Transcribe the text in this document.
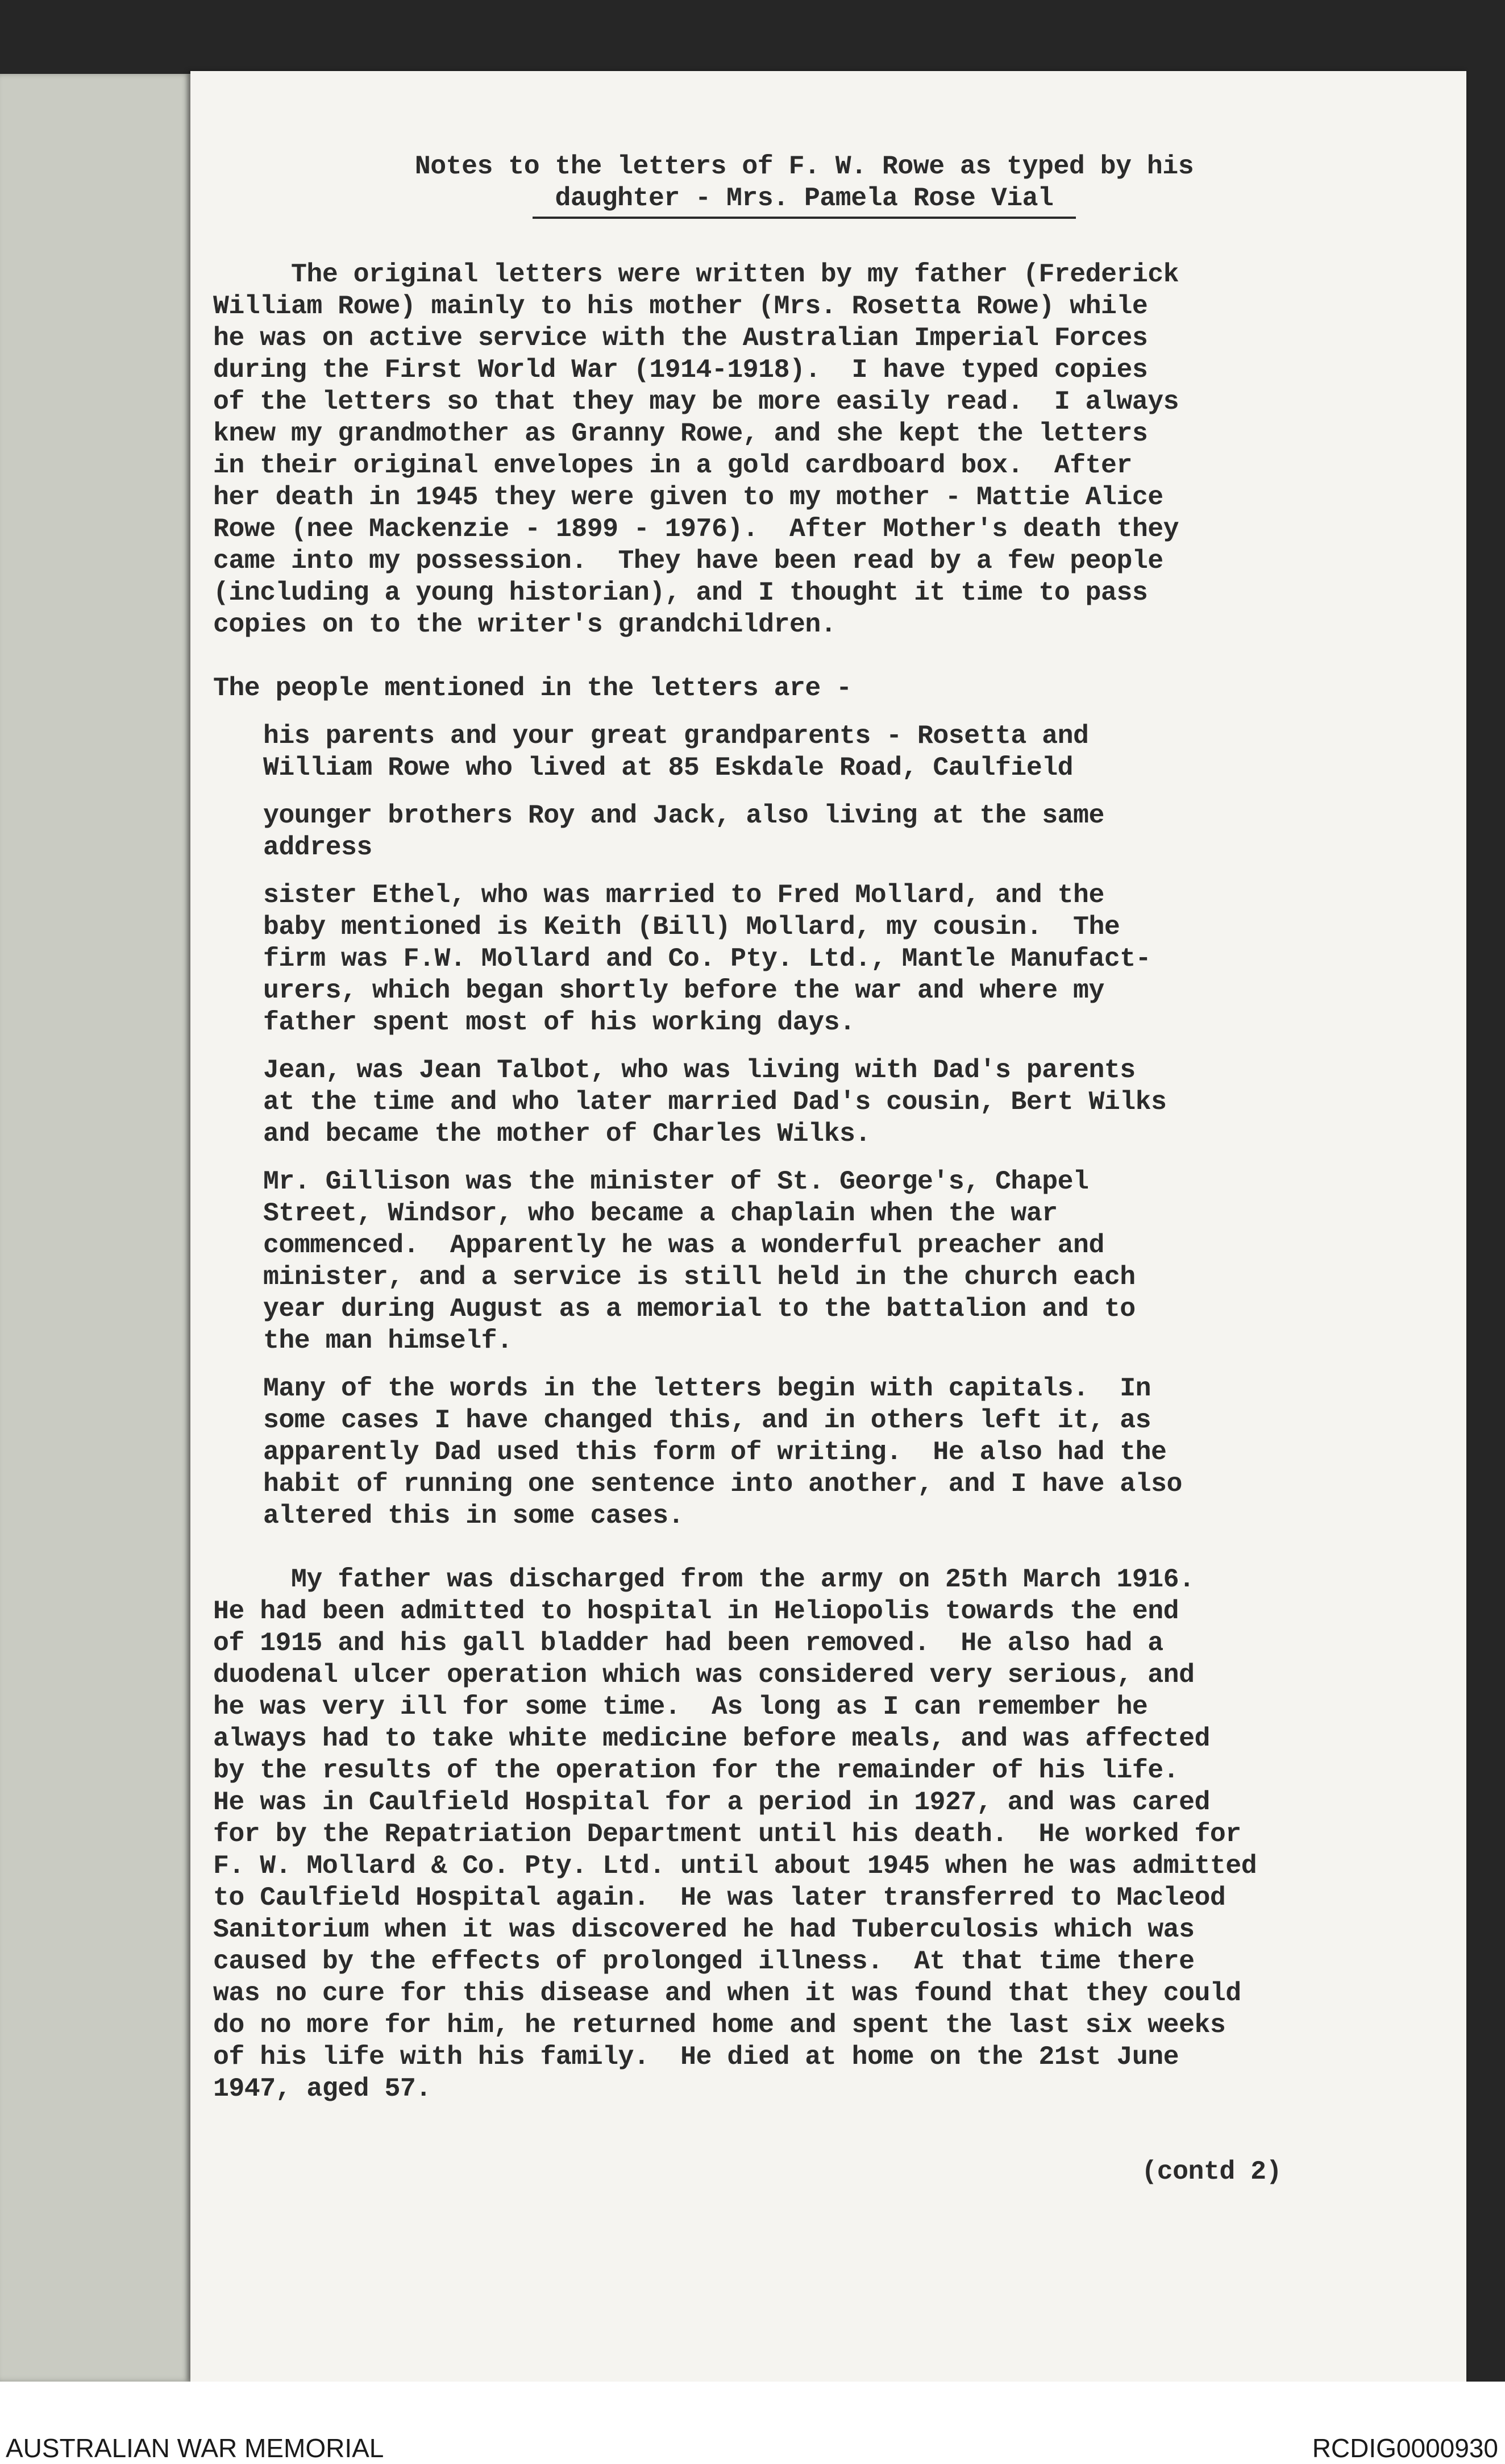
Notes to the letters of F. W. Rowe as typed by his
daughter - Mrs. Pamela Rose Vial

The original letters were written by my father (Frederick
William Rowe) mainly to his mother (Mrs. Rosetta Rowe) while
he was on active service with the Australian Imperial Forces
during the First World War (1914-1918).  I have typed copies
of the letters so that they may be more easily read.  I always
knew my grandmother as Granny Rowe, and she kept the letters
in their original envelopes in a gold cardboard box.  After
her death in 1945 they were given to my mother - Mattie Alice
Rowe (nee Mackenzie - 1899 - 1976).  After Mother's death they
came into my possession.  They have been read by a few people
(including a young historian), and I thought it time to pass
copies on to the writer's grandchildren.

The people mentioned in the letters are -

his parents and your great grandparents - Rosetta and
William Rowe who lived at 85 Eskdale Road, Caulfield
younger brothers Roy and Jack, also living at the same
address
sister Ethel, who was married to Fred Mollard, and the
baby mentioned is Keith (Bill) Mollard, my cousin.  The
firm was F.W. Mollard and Co. Pty. Ltd., Mantle Manufact-
urers, which began shortly before the war and where my
father spent most of his working days.
Jean, was Jean Talbot, who was living with Dad's parents
at the time and who later married Dad's cousin, Bert Wilks
and became the mother of Charles Wilks.
Mr. Gillison was the minister of St. George's, Chapel
Street, Windsor, who became a chaplain when the war
commenced.  Apparently he was a wonderful preacher and
minister, and a service is still held in the church each
year during August as a memorial to the battalion and to
the man himself.
Many of the words in the letters begin with capitals.  In
some cases I have changed this, and in others left it, as
apparently Dad used this form of writing.  He also had the
habit of running one sentence into another, and I have also
altered this in some cases.

My father was discharged from the army on 25th March 1916.
He had been admitted to hospital in Heliopolis towards the end
of 1915 and his gall bladder had been removed.  He also had a
duodenal ulcer operation which was considered very serious, and
he was very ill for some time.  As long as I can remember he
always had to take white medicine before meals, and was affected
by the results of the operation for the remainder of his life.
He was in Caulfield Hospital for a period in 1927, and was cared
for by the Repatriation Department until his death.  He worked for
F. W. Mollard & Co. Pty. Ltd. until about 1945 when he was admitted
to Caulfield Hospital again.  He was later transferred to Macleod
Sanitorium when it was discovered he had Tuberculosis which was
caused by the effects of prolonged illness.  At that time there
was no cure for this disease and when it was found that they could
do no more for him, he returned home and spent the last six weeks
of his life with his family.  He died at home on the 21st June
1947, aged 57.

(contd 2)
AUSTRALIAN WAR MEMORIAL	RCDIG0000930
